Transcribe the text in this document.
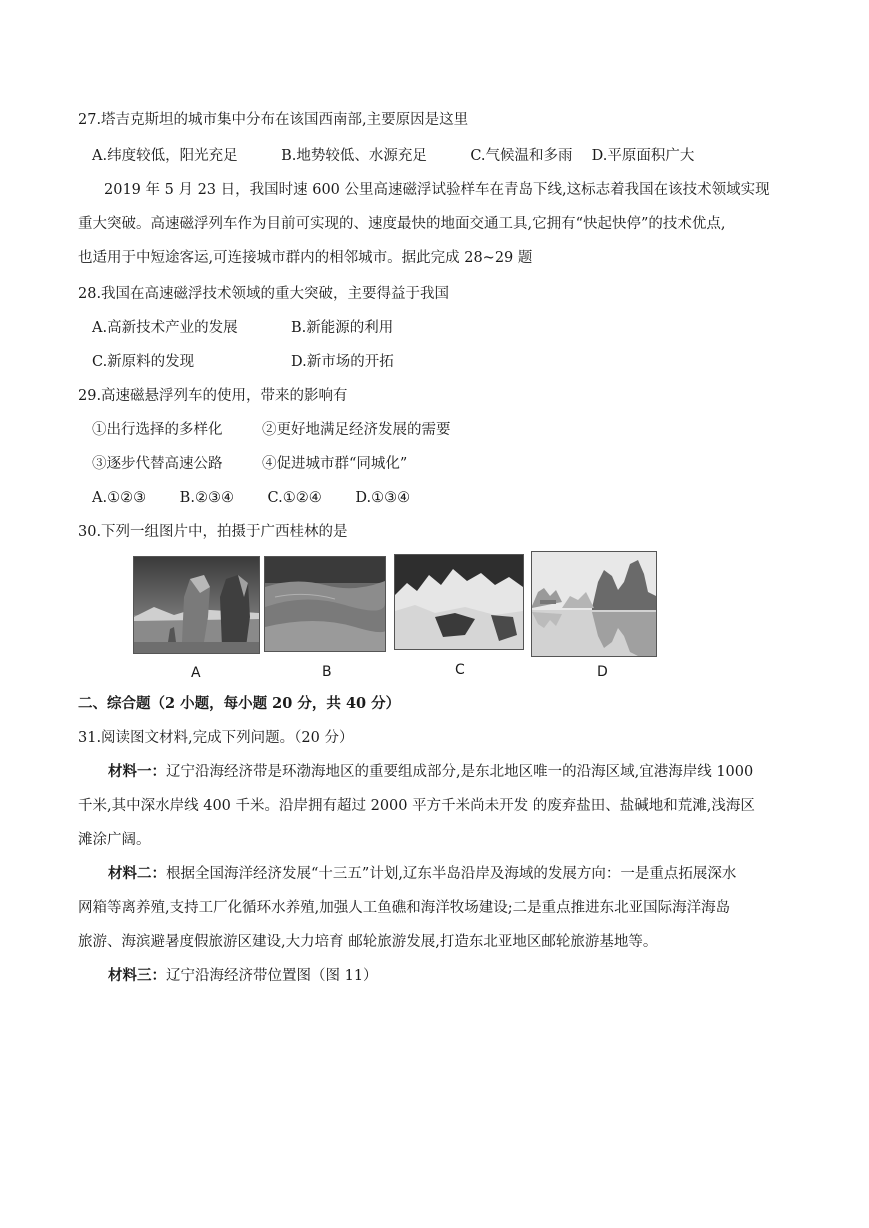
27.塔吉克斯坦的城市集中分布在该国西南部,主要原因是这里
A.纬度较低，阳光充足　　　B.地势较低、水源充足　　　C.气候温和多雨　 D.平原面积广大
2019 年 5 月 23 日，我国时速 600 公里高速磁浮试验样车在青岛下线,这标志着我国在该技术领域实现
重大突破。高速磁浮列车作为目前可实现的、速度最快的地面交通工具,它拥有“快起快停”的技术优点,
也适用于中短途客运,可连接城市群内的相邻城市。据此完成 28~29 题
28.我国在高速磁浮技术领域的重大突破，主要得益于我国
A.高新技术产业的发展	B.新能源的利用
C.新原料的发现	D.新市场的开拓
29.高速磁悬浮列车的使用，带来的影响有
①出行选择的多样化	②更好地满足经济发展的需要
③逐步代替高速公路	④促进城市群“同城化”
A.①②③　　 B.②③④　　 C.①②④　　 D.①③④
30.下列一组图片中，拍摄于广西桂林的是
A	B	C	D
二、综合题（2 小题，每小题 20 分，共 40 分）
31.阅读图文材料,完成下列问题。（20 分）
材料一：辽宁沿海经济带是环渤海地区的重要组成部分,是东北地区唯一的沿海区域,宜港海岸线 1000
千米,其中深水岸线 400 千米。沿岸拥有超过 2000 平方千米尚未开发 的废弃盐田、盐碱地和荒滩,浅海区
滩涂广阔。
材料二：根据全国海洋经济发展“十三五”计划,辽东半岛沿岸及海域的发展方向：一是重点拓展深水
网箱等离养殖,支持工厂化循环水养殖,加强人工鱼礁和海洋牧场建设;二是重点推进东北亚国际海洋海岛
旅游、海滨避暑度假旅游区建设,大力培育 邮轮旅游发展,打造东北亚地区邮轮旅游基地等。
材料三：辽宁沿海经济带位置图（图 11）
